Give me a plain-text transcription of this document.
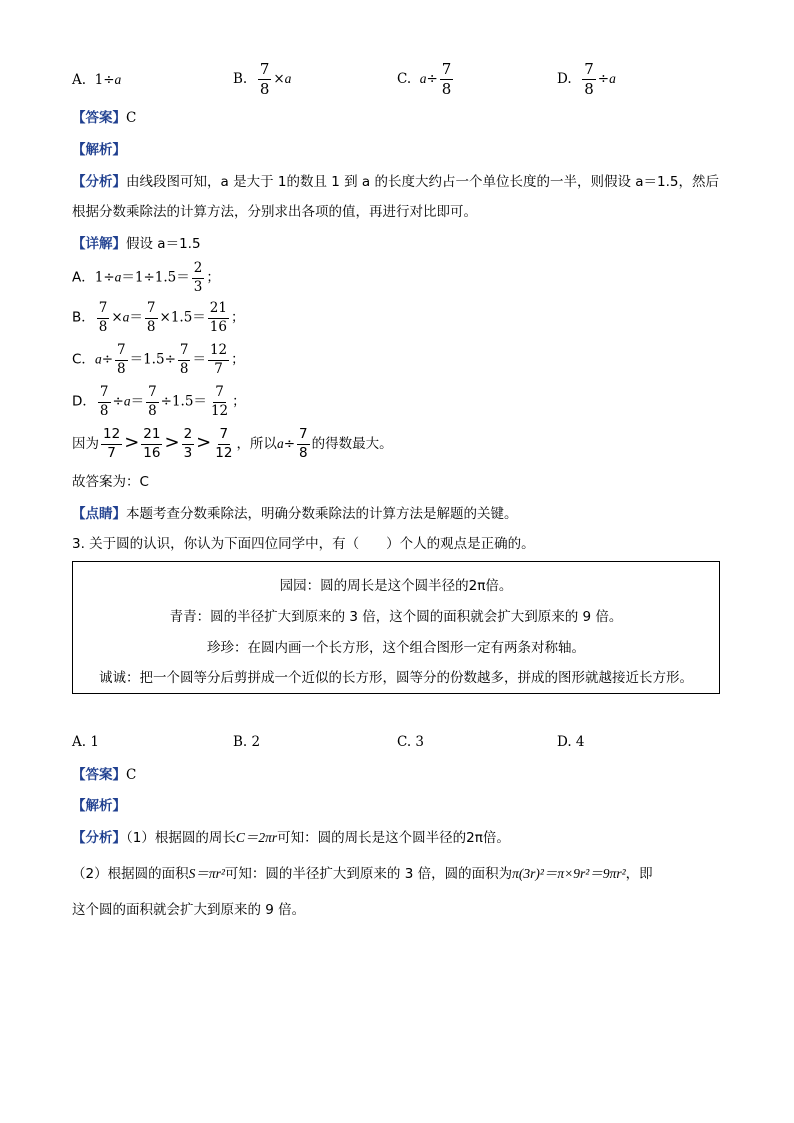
A. 1÷a	B. $\frac{7}{8} \times a$	C. $a\div \frac{7}{8}$	D. $\frac{7}{8} \div a$
【答案】C
【解析】
【分析】由线段图可知，a 是大于 1的数且 1 到 a 的长度大约占一个单位长度的一半，则假设 a＝1.5，然后
根据分数乘除法的计算方法，分别求出各项的值，再进行对比即可。
【详解】假设 a＝1.5
A．$1\div a=1\div 1.5= \frac{2}{3}$ ；
B． $\frac{7}{8} \times a= \frac{7}{8} \times 1.5= \frac{21}{16}$ ；
C．$a\div \frac{7}{8} =1.5\div \frac{7}{8} = \frac{12}{7}$ ；
D． $\frac{7}{8} \div a= \frac{7}{8} \div 1.5= \frac{7}{12}$ ；
因为 $\frac{12}{7} > \frac{21}{16} > \frac{2}{3} > \frac{7}{12}$ ，所以$a\div \frac{7}{8}$ 的得数最大。
故答案为：C
【点睛】本题考查分数乘除法，明确分数乘除法的计算方法是解题的关键。
3. 关于圆的认识，你认为下面四位同学中，有（　　）个人的观点是正确的。
园园：圆的周长是这个圆半径的2π倍。
青青：圆的半径扩大到原来的 3 倍，这个圆的面积就会扩大到原来的 9 倍。
珍珍：在圆内画一个长方形，这个组合图形一定有两条对称轴。
诚诚：把一个圆等分后剪拼成一个近似的长方形，圆等分的份数越多，拼成的图形就越接近长方形。
A. 1	B. 2	C. 3	D. 4
【答案】C
【解析】
【分析】（1）根据圆的周长C＝2πr可知：圆的周长是这个圆半径的2π倍。
（2）根据圆的面积S＝πr²可知：圆的半径扩大到原来的 3 倍，圆的面积为π(3r)²＝π×9r²＝9πr²，即
这个圆的面积就会扩大到原来的 9 倍。
